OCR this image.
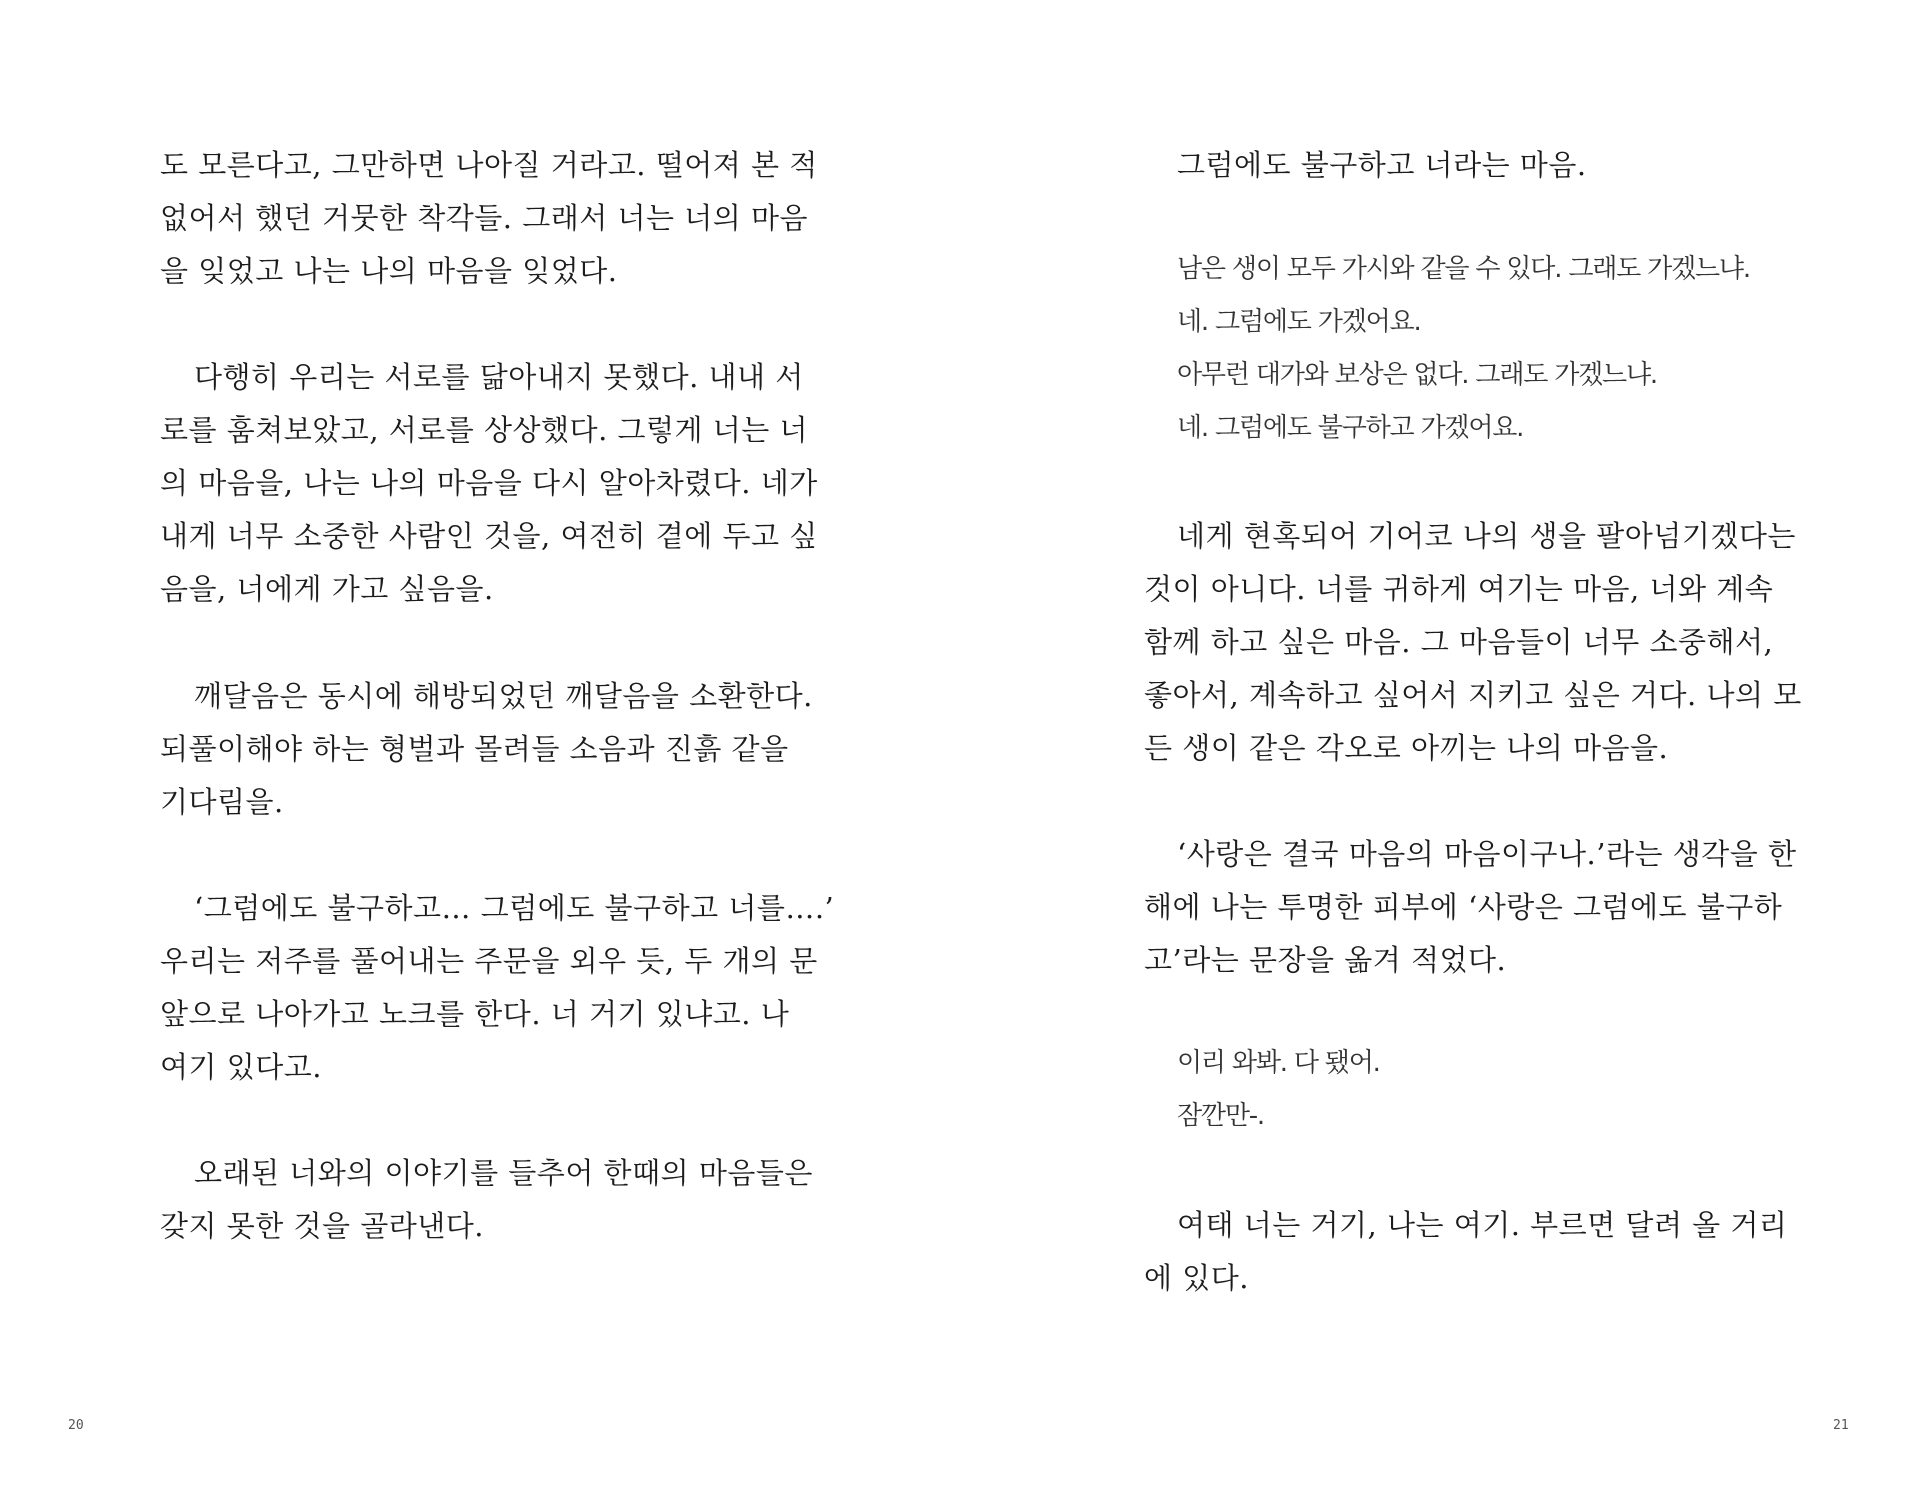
도 모른다고, 그만하면 나아질 거라고. 떨어져 본 적
없어서 했던 거뭇한 착각들. 그래서 너는 너의 마음
을 잊었고 나는 나의 마음을 잊었다.
다행히 우리는 서로를 닮아내지 못했다. 내내 서
로를 훔쳐보았고, 서로를 상상했다. 그렇게 너는 너
의 마음을, 나는 나의 마음을 다시 알아차렸다. 네가
내게 너무 소중한 사람인 것을, 여전히 곁에 두고 싶
음을, 너에게 가고 싶음을.
깨달음은 동시에 해방되었던 깨달음을 소환한다.
되풀이해야 하는 형벌과 몰려들 소음과 진흙 같을
기다림을.
‘그럼에도 불구하고… 그럼에도 불구하고 너를….’
우리는 저주를 풀어내는 주문을 외우 듯, 두 개의 문
앞으로 나아가고 노크를 한다. 너 거기 있냐고. 나
여기 있다고.
오래된 너와의 이야기를 들추어 한때의 마음들은
갖지 못한 것을 골라낸다.
20
그럼에도 불구하고 너라는 마음.
남은 생이 모두 가시와 같을 수 있다. 그래도 가겠느냐.
네. 그럼에도 가겠어요.
아무런 대가와 보상은 없다. 그래도 가겠느냐.
네. 그럼에도 불구하고 가겠어요.
네게 현혹되어 기어코 나의 생을 팔아넘기겠다는
것이 아니다. 너를 귀하게 여기는 마음, 너와 계속
함께 하고 싶은 마음. 그 마음들이 너무 소중해서,
좋아서, 계속하고 싶어서 지키고 싶은 거다. 나의 모
든 생이 같은 각오로 아끼는 나의 마음을.
‘사랑은 결국 마음의 마음이구나.’라는 생각을 한
해에 나는 투명한 피부에 ‘사랑은 그럼에도 불구하
고’라는 문장을 옮겨 적었다.
이리 와봐. 다 됐어.
잠깐만-.
여태 너는 거기, 나는 여기. 부르면 달려 올 거리
에 있다.
21
